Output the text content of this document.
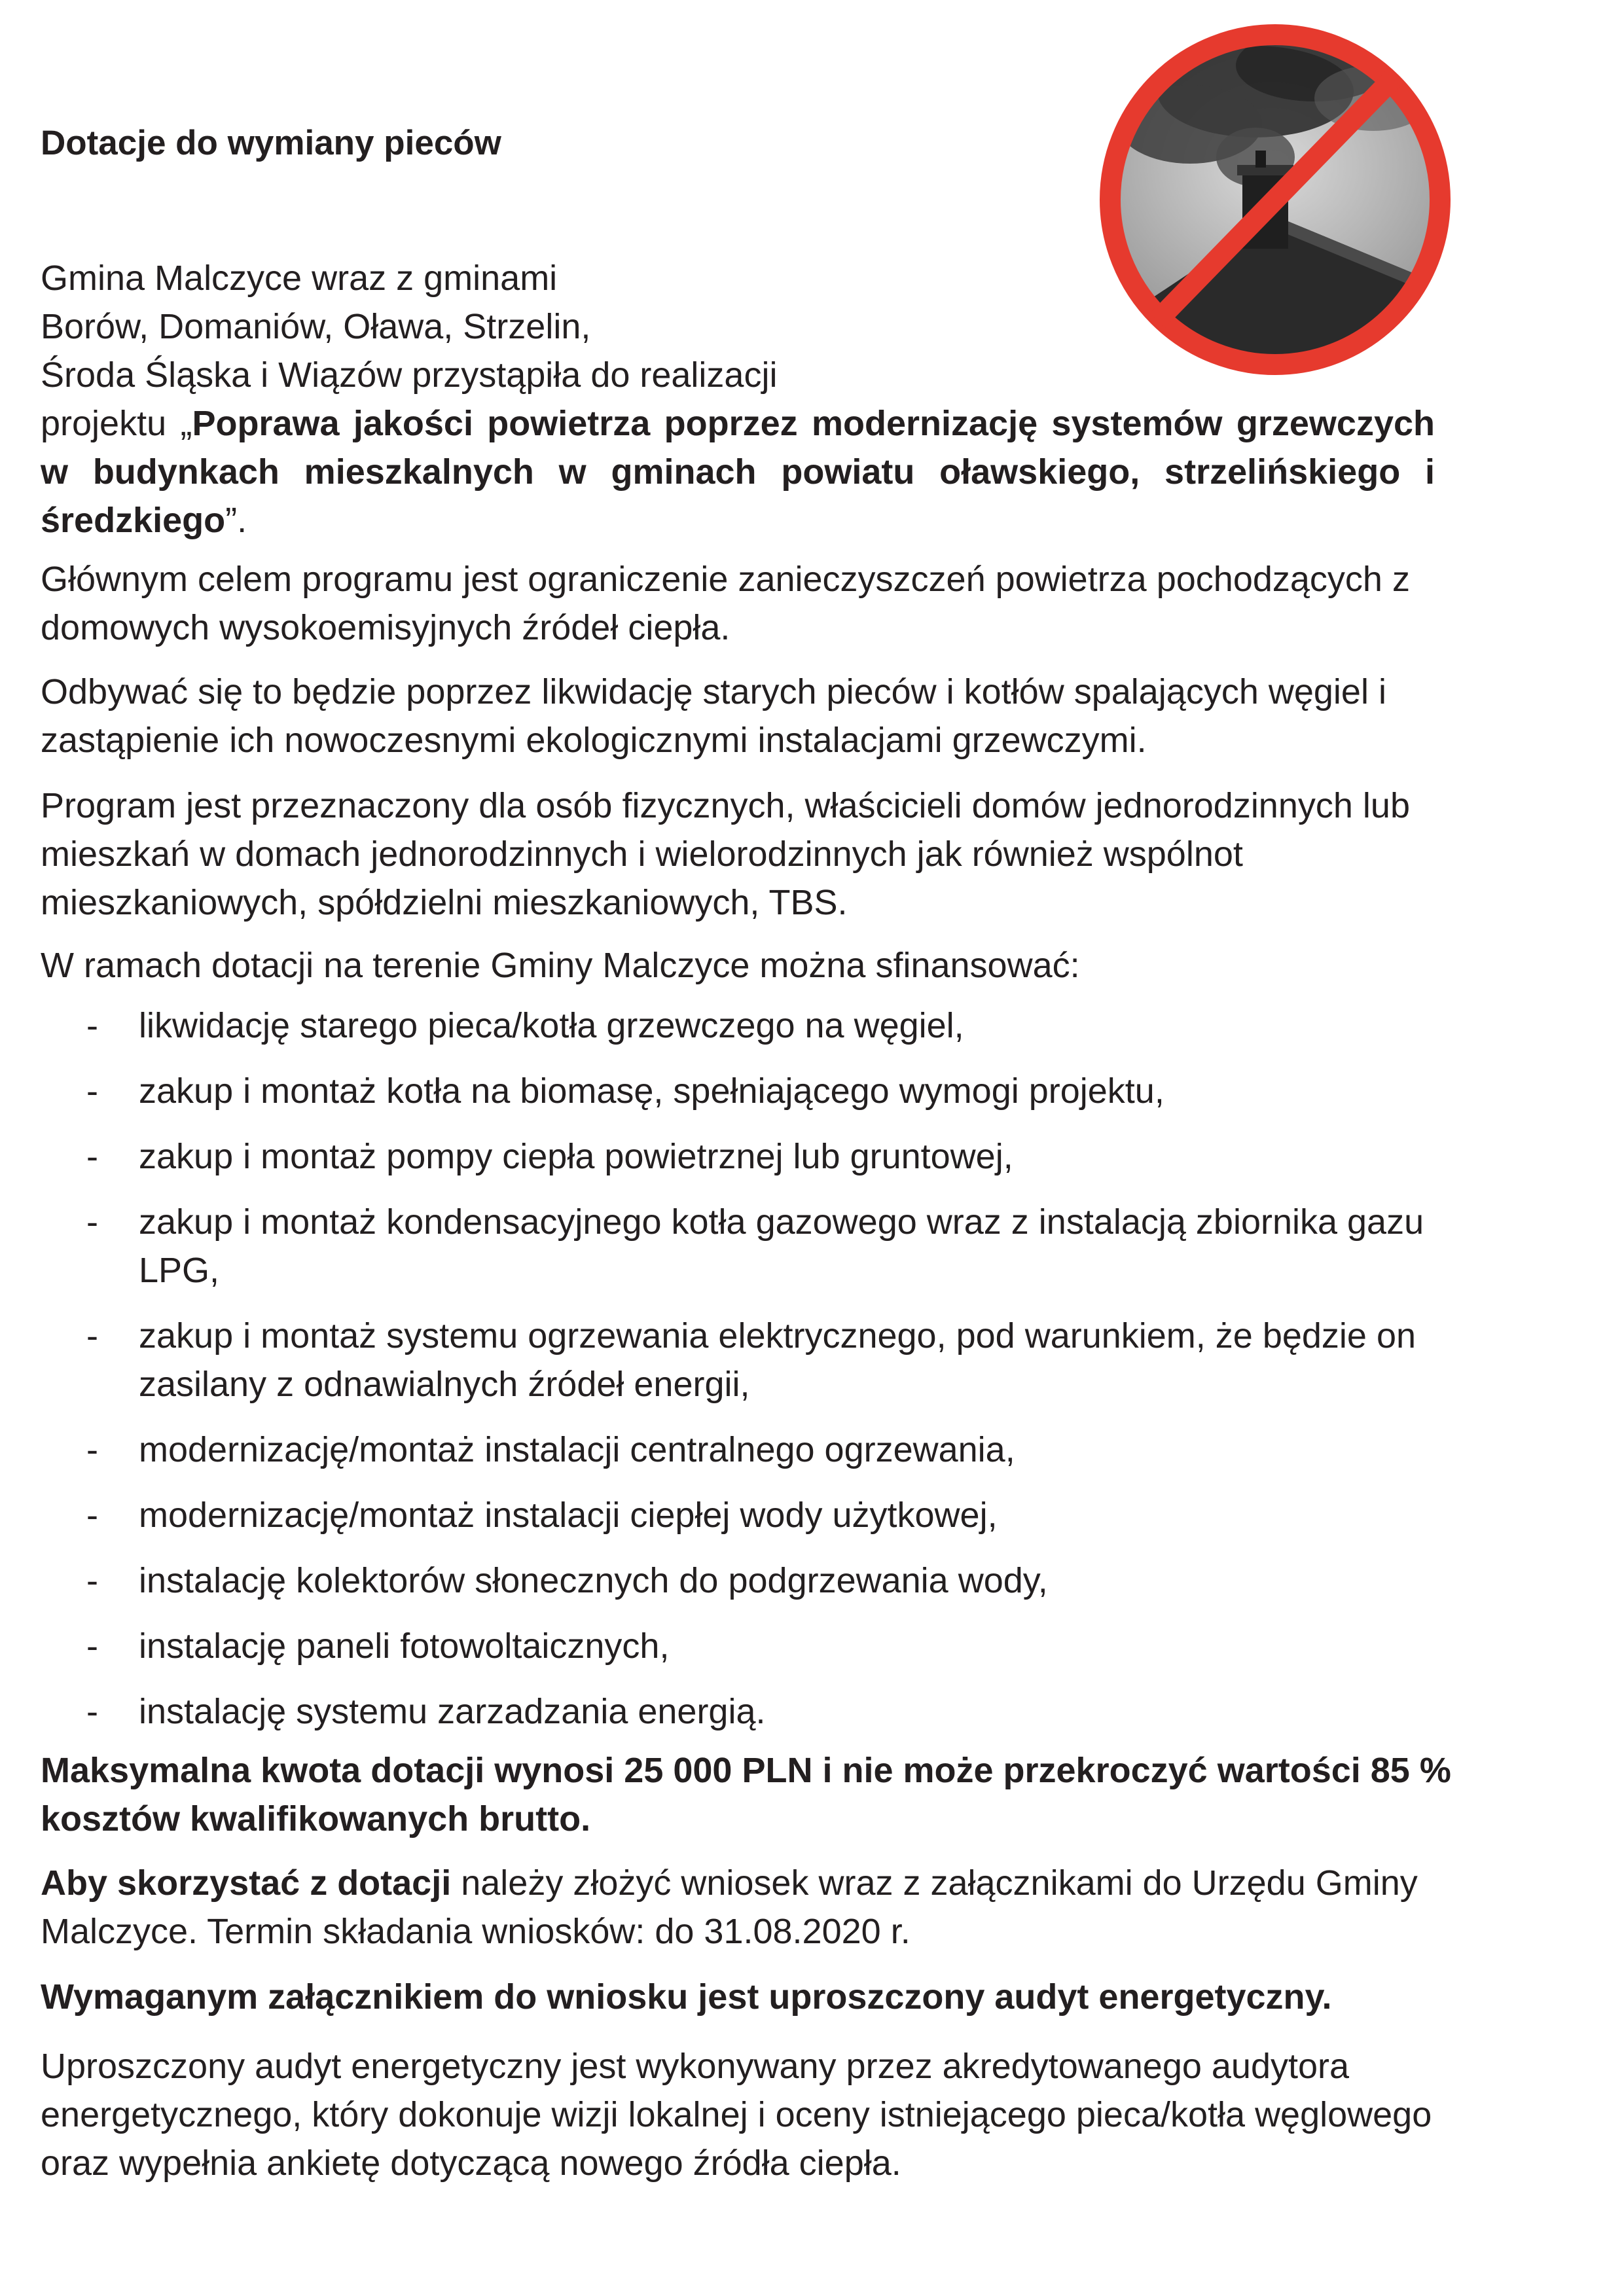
Dotacje do wymiany pieców

Gmina Malczyce wraz z gminami
Borów, Domaniów, Oława, Strzelin,
Środa Śląska i Wiązów przystąpiła do realizacji
projektu „Poprawa jakości powietrza poprzez modernizację systemów grzewczych w budynkach mieszkalnych w gminach powiatu oławskiego, strzelińskiego i średzkiego”.

Głównym celem programu jest ograniczenie zanieczyszczeń powietrza pochodzących z domowych wysokoemisyjnych źródeł ciepła.

Odbywać się to będzie poprzez likwidację starych pieców i kotłów spalających węgiel i zastąpienie ich nowoczesnymi ekologicznymi instalacjami grzewczymi.

Program jest przeznaczony dla osób fizycznych, właścicieli domów jednorodzinnych lub mieszkań w domach jednorodzinnych i wielorodzinnych jak również wspólnot mieszkaniowych, spółdzielni mieszkaniowych, TBS.

W ramach dotacji na terenie Gminy Malczyce można sfinansować:

- likwidację starego pieca/kotła grzewczego na węgiel,
- zakup i montaż kotła na biomasę, spełniającego wymogi projektu,
- zakup i montaż pompy ciepła powietrznej lub gruntowej,
- zakup i montaż kondensacyjnego kotła gazowego wraz z instalacją zbiornika gazu LPG,
- zakup i montaż systemu ogrzewania elektrycznego, pod warunkiem, że będzie on zasilany z odnawialnych źródeł energii,
- modernizację/montaż instalacji centralnego ogrzewania,
- modernizację/montaż instalacji ciepłej wody użytkowej,
- instalację kolektorów słonecznych do podgrzewania wody,
- instalację paneli fotowoltaicznych,
- instalację systemu zarzadzania energią.

Maksymalna kwota dotacji wynosi 25 000 PLN i nie może przekroczyć wartości 85 % kosztów kwalifikowanych brutto.

Aby skorzystać z dotacji należy złożyć wniosek wraz z załącznikami do Urzędu Gminy Malczyce. Termin składania wniosków: do 31.08.2020 r.

Wymaganym załącznikiem do wniosku jest uproszczony audyt energetyczny.

Uproszczony audyt energetyczny jest wykonywany przez akredytowanego audytora energetycznego, który dokonuje wizji lokalnej i oceny istniejącego pieca/kotła węglowego oraz wypełnia ankietę dotyczącą nowego źródła ciepła.
